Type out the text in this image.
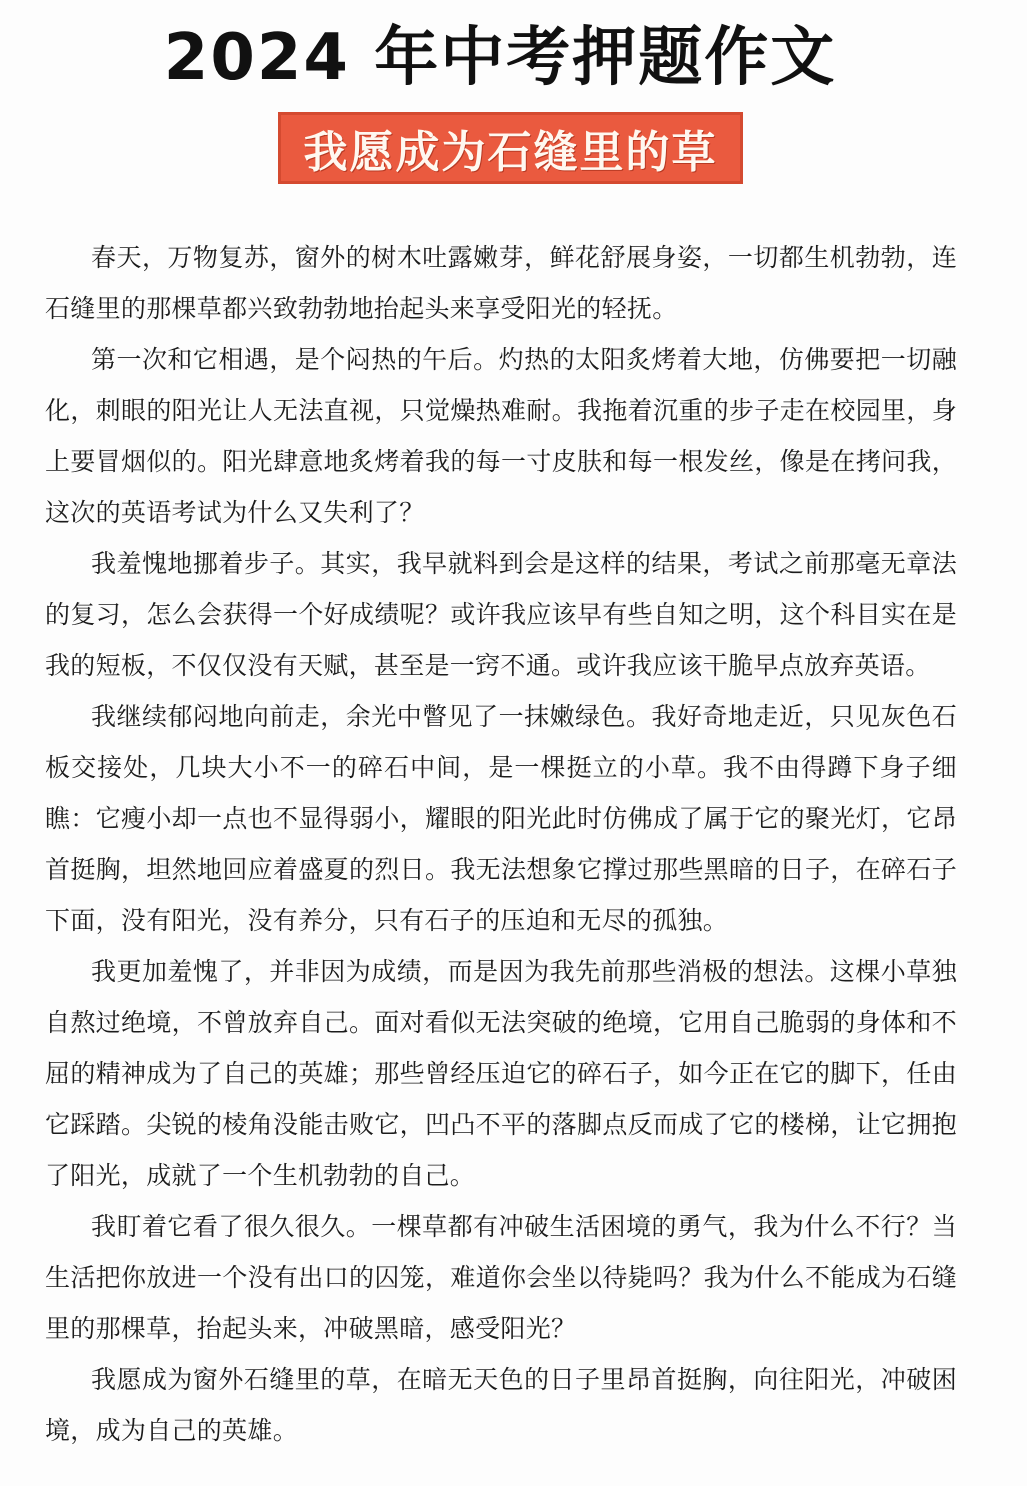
2024 年中考押题作文
我愿成为石缝里的草

春天，万物复苏，窗外的树木吐露嫩芽，鲜花舒展身姿，一切都生机勃勃，连石缝里的那棵草都兴致勃勃地抬起头来享受阳光的轻抚。

第一次和它相遇，是个闷热的午后。灼热的太阳炙烤着大地，仿佛要把一切融化，刺眼的阳光让人无法直视，只觉燥热难耐。我拖着沉重的步子走在校园里，身上要冒烟似的。阳光肆意地炙烤着我的每一寸皮肤和每一根发丝，像是在拷问我，这次的英语考试为什么又失利了？

我羞愧地挪着步子。其实，我早就料到会是这样的结果，考试之前那毫无章法的复习，怎么会获得一个好成绩呢？或许我应该早有些自知之明，这个科目实在是我的短板，不仅仅没有天赋，甚至是一窍不通。或许我应该干脆早点放弃英语。

我继续郁闷地向前走，余光中瞥见了一抹嫩绿色。我好奇地走近，只见灰色石板交接处，几块大小不一的碎石中间，是一棵挺立的小草。我不由得蹲下身子细瞧：它瘦小却一点也不显得弱小，耀眼的阳光此时仿佛成了属于它的聚光灯，它昂首挺胸，坦然地回应着盛夏的烈日。我无法想象它撑过那些黑暗的日子，在碎石子下面，没有阳光，没有养分，只有石子的压迫和无尽的孤独。

我更加羞愧了，并非因为成绩，而是因为我先前那些消极的想法。这棵小草独自熬过绝境，不曾放弃自己。面对看似无法突破的绝境，它用自己脆弱的身体和不屈的精神成为了自己的英雄；那些曾经压迫它的碎石子，如今正在它的脚下，任由它踩踏。尖锐的棱角没能击败它，凹凸不平的落脚点反而成了它的楼梯，让它拥抱了阳光，成就了一个生机勃勃的自己。

我盯着它看了很久很久。一棵草都有冲破生活困境的勇气，我为什么不行？当生活把你放进一个没有出口的囚笼，难道你会坐以待毙吗？我为什么不能成为石缝里的那棵草，抬起头来，冲破黑暗，感受阳光？

我愿成为窗外石缝里的草，在暗无天色的日子里昂首挺胸，向往阳光，冲破困境，成为自己的英雄。
